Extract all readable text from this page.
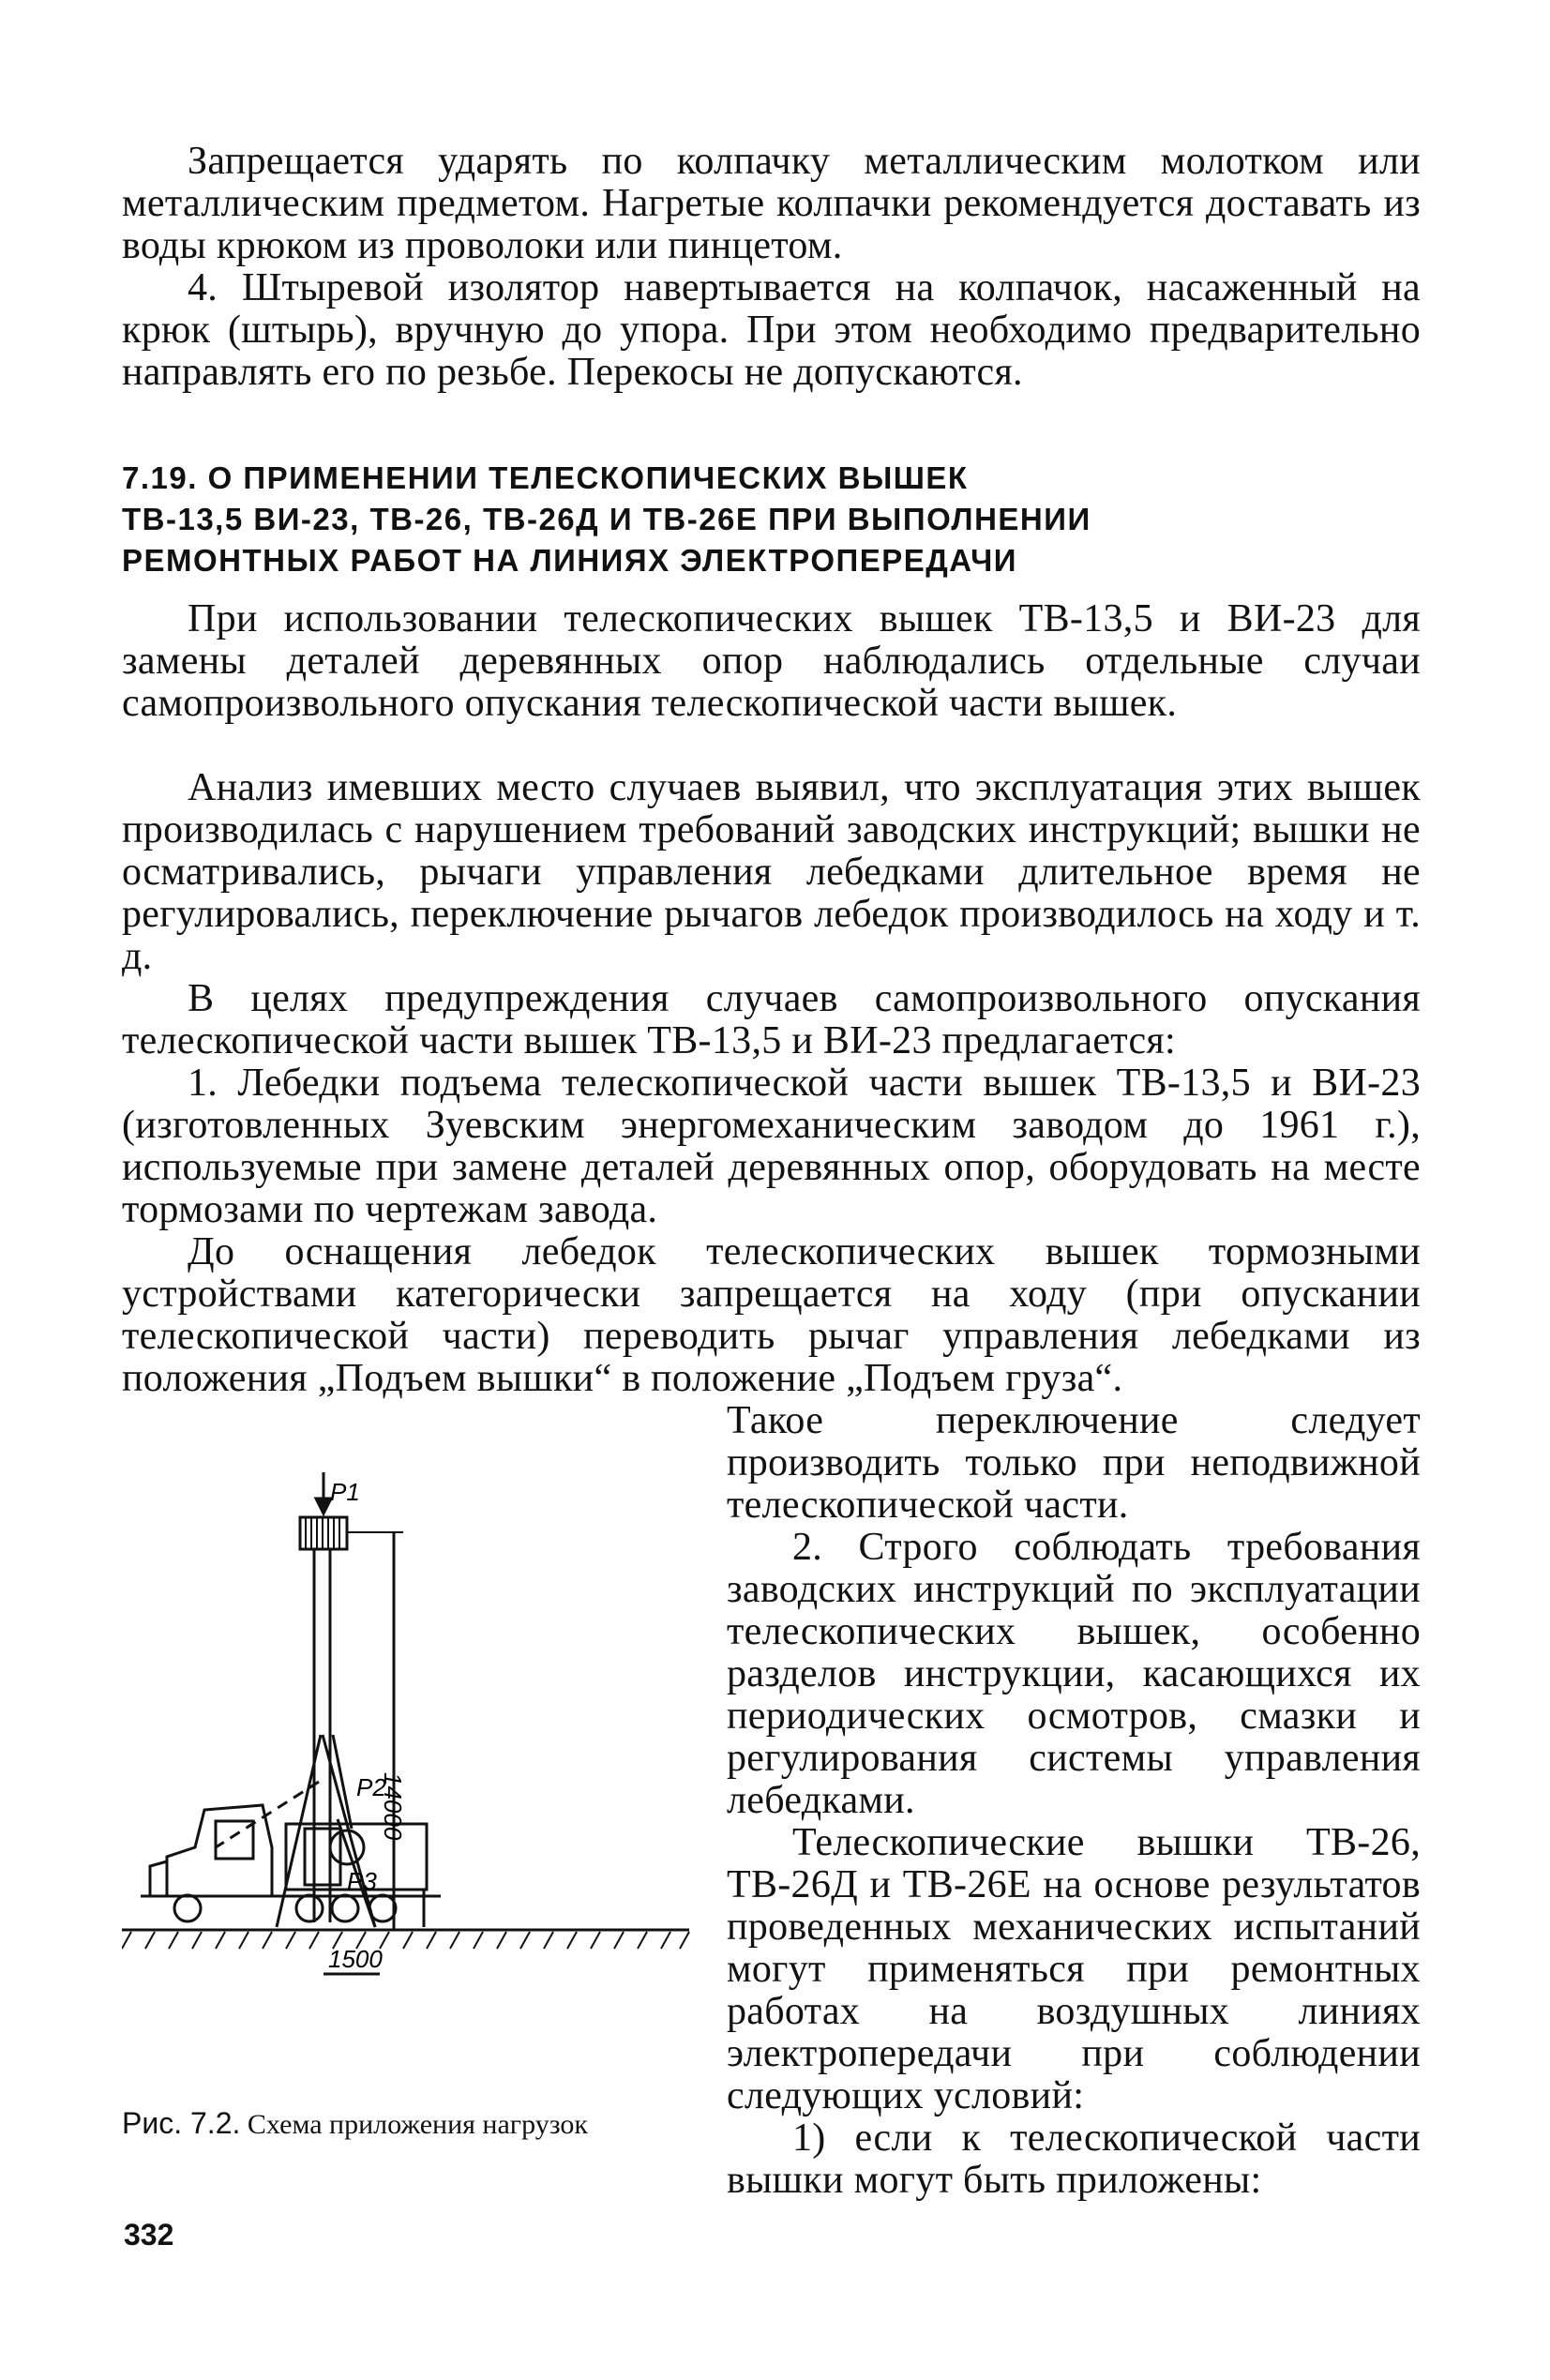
Запрещается ударять по колпачку металлическим молотком или металлическим предметом. Нагретые колпачки рекомендуется доставать из воды крюком из проволоки или пинцетом.

4. Штыревой изолятор навертывается на колпачок, насаженный на крюк (штырь), вручную до упора. При этом необходимо предварительно направлять его по резьбе. Перекосы не допускаются.

7.19. О ПРИМЕНЕНИИ ТЕЛЕСКОПИЧЕСКИХ ВЫШЕК
ТВ-13,5 ВИ-23, ТВ-26, ТВ-26Д И ТВ-26Е ПРИ ВЫПОЛНЕНИИ
РЕМОНТНЫХ РАБОТ НА ЛИНИЯХ ЭЛЕКТРОПЕРЕДАЧИ

При использовании телескопических вышек ТВ-13,5 и ВИ-23 для замены деталей деревянных опор наблюдались отдельные случаи самопроизвольного опускания телескопической части вышек.

Анализ имевших место случаев выявил, что эксплуатация этих вышек производилась с нарушением требований заводских инструкций; вышки не осматривались, рычаги управления лебедками длительное время не регулировались, переключение рычагов лебедок производилось на ходу и т. д.

В целях предупреждения случаев самопроизвольного опускания телескопической части вышек ТВ-13,5 и ВИ-23 предлагается:

1. Лебедки подъема телескопической части вышек ТВ-13,5 и ВИ-23 (изготовленных Зуевским энергомеханическим заводом до 1961 г.), используемые при замене деталей деревянных опор, оборудовать на месте тормозами по чертежам завода.

До оснащения лебедок телескопических вышек тормозными устройствами категорически запрещается на ходу (при опускании телескопической части) переводить рычаг управления лебедками из положения „Подъем вышки“ в положение „Подъем груза“.

Такое переключение следует производить только при неподвижной телескопической части.

2. Строго соблюдать требования заводских инструкций по эксплуатации телескопических вышек, особенно разделов инструкции, касающихся их периодических осмотров, смазки и регулирования системы управления лебедками.

Телескопические вышки ТВ-26, ТВ-26Д и ТВ-26Е на основе результатов проведенных механических испытаний могут применяться при ремонтных работах на воздушных линиях электропередачи при соблюдении следующих условий:

1) если к телескопической части вышки могут быть приложены:

P1
P2
P3
14000
1500

Рис. 7.2. Схема приложения нагрузок

332
